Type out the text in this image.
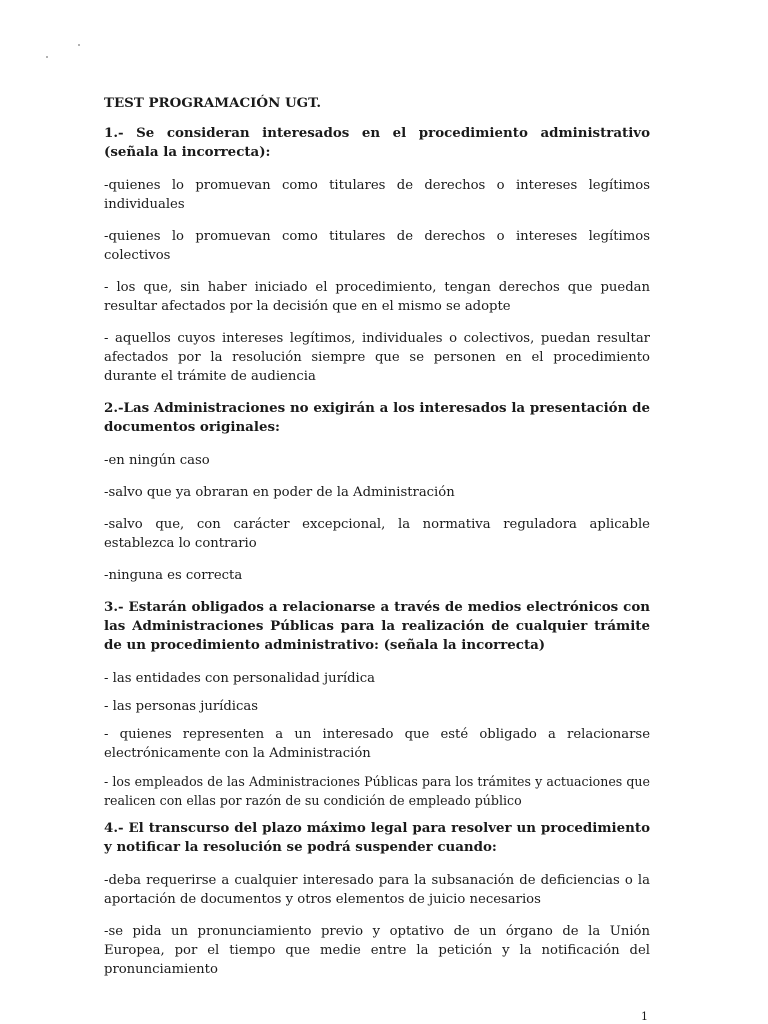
TEST PROGRAMACIÓN UGT.

1.- Se consideran interesados en el procedimiento administrativo (señala la incorrecta):

-quienes lo promuevan como titulares de derechos o intereses legítimos individuales

-quienes lo promuevan como titulares de derechos o intereses legítimos colectivos

- los que, sin haber iniciado el procedimiento, tengan derechos que puedan resultar afectados por la decisión que en el mismo se adopte

- aquellos cuyos intereses legítimos, individuales o colectivos, puedan resultar afectados por la resolución siempre que se personen en el procedimiento durante el trámite de audiencia

2.-Las Administraciones no exigirán a los interesados la presentación de documentos originales:

-en ningún caso

-salvo que ya obraran en poder de la Administración

-salvo que, con carácter excepcional, la normativa reguladora aplicable establezca lo contrario

-ninguna es correcta

3.- Estarán obligados a relacionarse a través de medios electrónicos con las Administraciones Públicas para la realización de cualquier trámite de un procedimiento administrativo: (señala la incorrecta)

- las entidades con personalidad jurídica

- las personas jurídicas

- quienes representen a un interesado que esté obligado a relacionarse electrónicamente con la Administración

- los empleados de las Administraciones Públicas para los trámites y actuaciones que realicen con ellas por razón de su condición de empleado público

4.- El transcurso del plazo máximo legal para resolver un procedimiento y notificar la resolución se podrá suspender cuando:

-deba requerirse a cualquier interesado para la subsanación de deficiencias o la aportación de documentos y otros elementos de juicio necesarios

-se pida un pronunciamiento previo y optativo de un órgano de la Unión Europea, por el tiempo que medie entre la petición y la notificación del pronunciamiento

1
